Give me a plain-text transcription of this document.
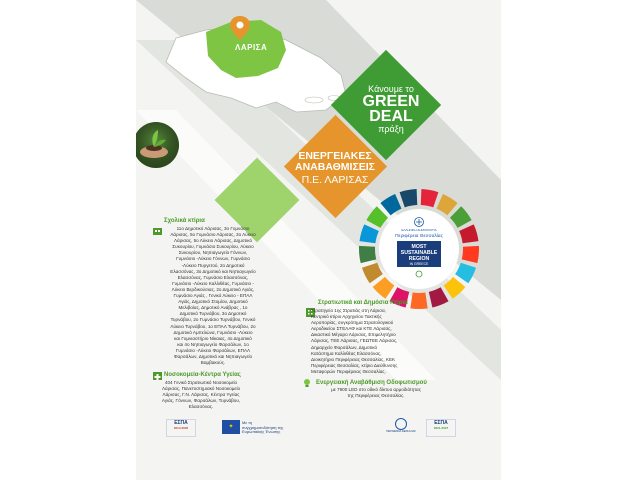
ΛΑΡΙΣΑ
Κάνουμε το
GREEN
DEAL
πράξη
ΕΝΕΡΓΕΙΑΚΕΣ
ΑΝΑΒΑΘΜΙΣΕΙΣ
Π.Ε. ΛΑΡΙΣΑΣ
ΕΛΛΗΝΙΚΗ ΔΗΜΟΚΡΑΤΙΑ
Περιφέρεια Θεσσαλίας
MOST
SUSTAINABLE
REGION
IN GREECE
Σχολικά κτίρια
11ο Δημοτικό Λάρισας, 3ο Γυμνάσιο
Λάρισας, 5ο Γυμνάσιο Λάρισας, 3ο Λύκειο
Λάρισας, 5ο Λύκειο Λάρισας, Δημοτικό
Συκουρίου, Γυμνάσιο Συκουρίου, Λύκειο
Συκουρίου, Νηπιαγωγείο Γόννων,
Γυμνάσιο -Λύκειο Γόννων, Γυμνάσιο
-Λύκειο Πυργετού, 2ο Δημοτικό
Ελασσόνας, 3ο Δημοτικό και Νηπιαγωγείο
Ελασσόνας, Γυμνάσιο Ελασσόνας,
Γυμνάσιο -Λύκειο Καλλιθέας, Γυμνάσιο -
Λύκειο Βερδικούσιας, 2ο Δημοτικό Αγιάς,
Γυμνάσιο Αγιάς , Γενικό Λύκειο - ΕΠΑΛ
Αγιάς, Δημοτικό Στομίου, Δημοτικό
Μελιβοίας, Δημοτικό Ανάβρας , 1ο
Δημοτικό Τυρνάβου, 3ο Δημοτικό
Τυρνάβου, 2ο Γυμνάσιο Τυρνάβου, Γενικό
Λύκειο Τυρνάβου, 1ο ΕΠΑΛ Τυρνάβου, 2ο
Δημοτικό Αμπελώνα, Γυμνάσιο -Λύκειο
και Γυμνιαστήριο Νίκαιας, 4ο Δημοτικό
και 4ο Νηπιαγωγείο Φαρσάλων, 1ο
Γυμνάσιο -Λύκειο Φαρσάλων, ΕΠΑΛ
Φαρσάλων, Δημοτικό και Νηπιαγωγείο
Βαμβακούς.
Νοσοκομεία-Κέντρα Υγείας
404 Γενικό Στρατιωτικό Νοσοκομείο
Λάρισας, Πανεπιστημιακό Νοσοκομείο
Λάρισας, Γ.Ν. Λάρισας, Κέντρα Υγείας
Αγιάς, Γόννων, Φαρσάλων, Τυρνάβου,
Ελασσόνας.
Στρατιωτικά και Δημόσια Κτίρια
Στρατηγείο 1ης Στρατιάς στη Λάρισα,
Κεντρικό κτίριο Αρχηγείου Τακτικής
Αεροπορίας, συγκρότημα Στρατολογικού
Αεροδικείου ΣΤΕΛΑΦ και ΚΤΕ Λάρισας,
Δικαστικό Μέγαρο Λάρισας, Επιμελητήριο
Λάρισας, ΤΕΕ Λάρισας, ΓΕΩΤΕΕ Λάρισας,
Δημαρχείο Φαρσάλων, Δημοτικό
Κατάστημα Καλλιθέας Ελασσόνας,
Διοικητήριο Περιφέρειας Θεσσαλίας, ΚΕΚ
Περιφέρειας Θεσσαλίας, κτίριο Διεύθυνσης
Μεταφορών Περιφέρειας Θεσσαλίας.
Ενεργειακή Αναβάθμιση Οδοφωτισμού
με 7900 LED στο οδικό δίκτυο αρμοδιότητας
της Περιφέρειας Θεσσαλίας.
ΕΣΠΑ
2014-2020	✦
Με τη συγχρηματοδότηση της Ευρωπαϊκής Ένωσης	ΠΕΡΙΦΕΡΕΙΑ ΘΕΣΣΑΛΙΑΣ
ΕΣΠΑ
2021-2027
